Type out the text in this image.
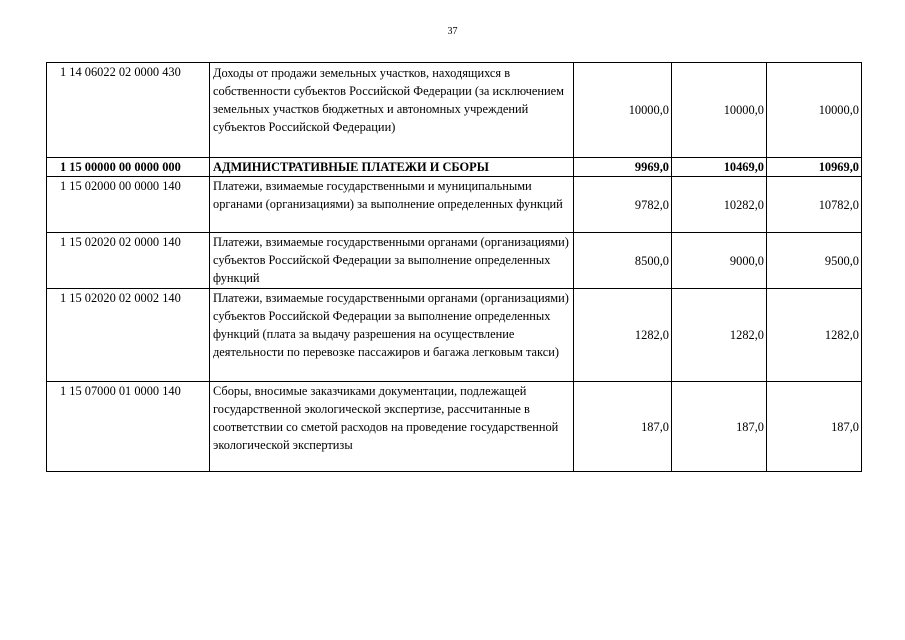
37
1 14 06022 02 0000 430	Доходы от продажи земельных участков, находящихся в собственности субъектов Российской Федерации (за исключением земельных участков бюджетных и автономных учреждений субъектов Российской Федерации)	10000,0	10000,0	10000,0
1 15 00000 00 0000 000	АДМИНИСТРАТИВНЫЕ ПЛАТЕЖИ И СБОРЫ	9969,0	10469,0	10969,0
1 15 02000 00 0000 140	Платежи, взимаемые государственными и муниципальными органами (организациями) за выполнение определенных функций	9782,0	10282,0	10782,0
1 15 02020 02 0000 140	Платежи, взимаемые государственными органами (организациями) субъектов Российской Федерации за выполнение определенных функций	8500,0	9000,0	9500,0
1 15 02020 02 0002 140	Платежи, взимаемые государственными органами (организациями) субъектов Российской Федерации за выполнение определенных функций (плата за выдачу разрешения на осуществление деятельности по перевозке пассажиров и багажа легковым такси)	1282,0	1282,0	1282,0
1 15 07000 01 0000 140	Сборы, вносимые заказчиками документации, подлежащей государственной экологической экспертизе, рассчитанные в соответствии со сметой расходов на проведение государственной экологической экспертизы	187,0	187,0	187,0
